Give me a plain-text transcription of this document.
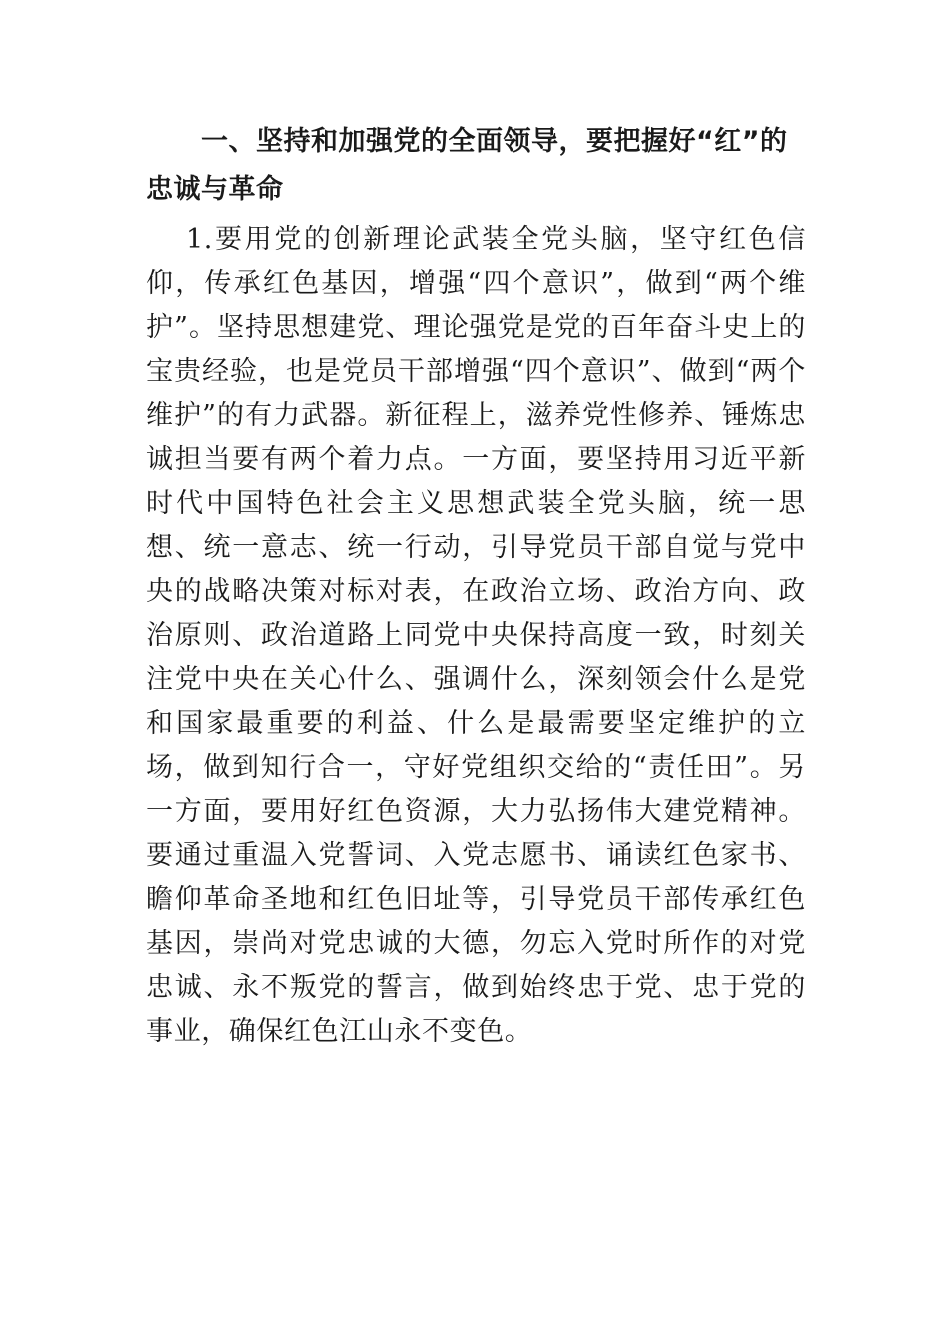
一、坚持和加强党的全面领导，要把握好“红”的忠诚与革命

1.要用党的创新理论武装全党头脑，坚守红色信仰，传承红色基因，增强“四个意识”，做到“两个维护”。坚持思想建党、理论强党是党的百年奋斗史上的宝贵经验，也是党员干部增强“四个意识”、做到“两个维护”的有力武器。新征程上，滋养党性修养、锤炼忠诚担当要有两个着力点。一方面，要坚持用习近平新时代中国特色社会主义思想武装全党头脑，统一思想、统一意志、统一行动，引导党员干部自觉与党中央的战略决策对标对表，在政治立场、政治方向、政治原则、政治道路上同党中央保持高度一致，时刻关注党中央在关心什么、强调什么，深刻领会什么是党和国家最重要的利益、什么是最需要坚定维护的立场，做到知行合一，守好党组织交给的“责任田”。另一方面，要用好红色资源，大力弘扬伟大建党精神。要通过重温入党誓词、入党志愿书、诵读红色家书、瞻仰革命圣地和红色旧址等，引导党员干部传承红色基因，崇尚对党忠诚的大德，勿忘入党时所作的对党忠诚、永不叛党的誓言，做到始终忠于党、忠于党的事业，确保红色江山永不变色。
